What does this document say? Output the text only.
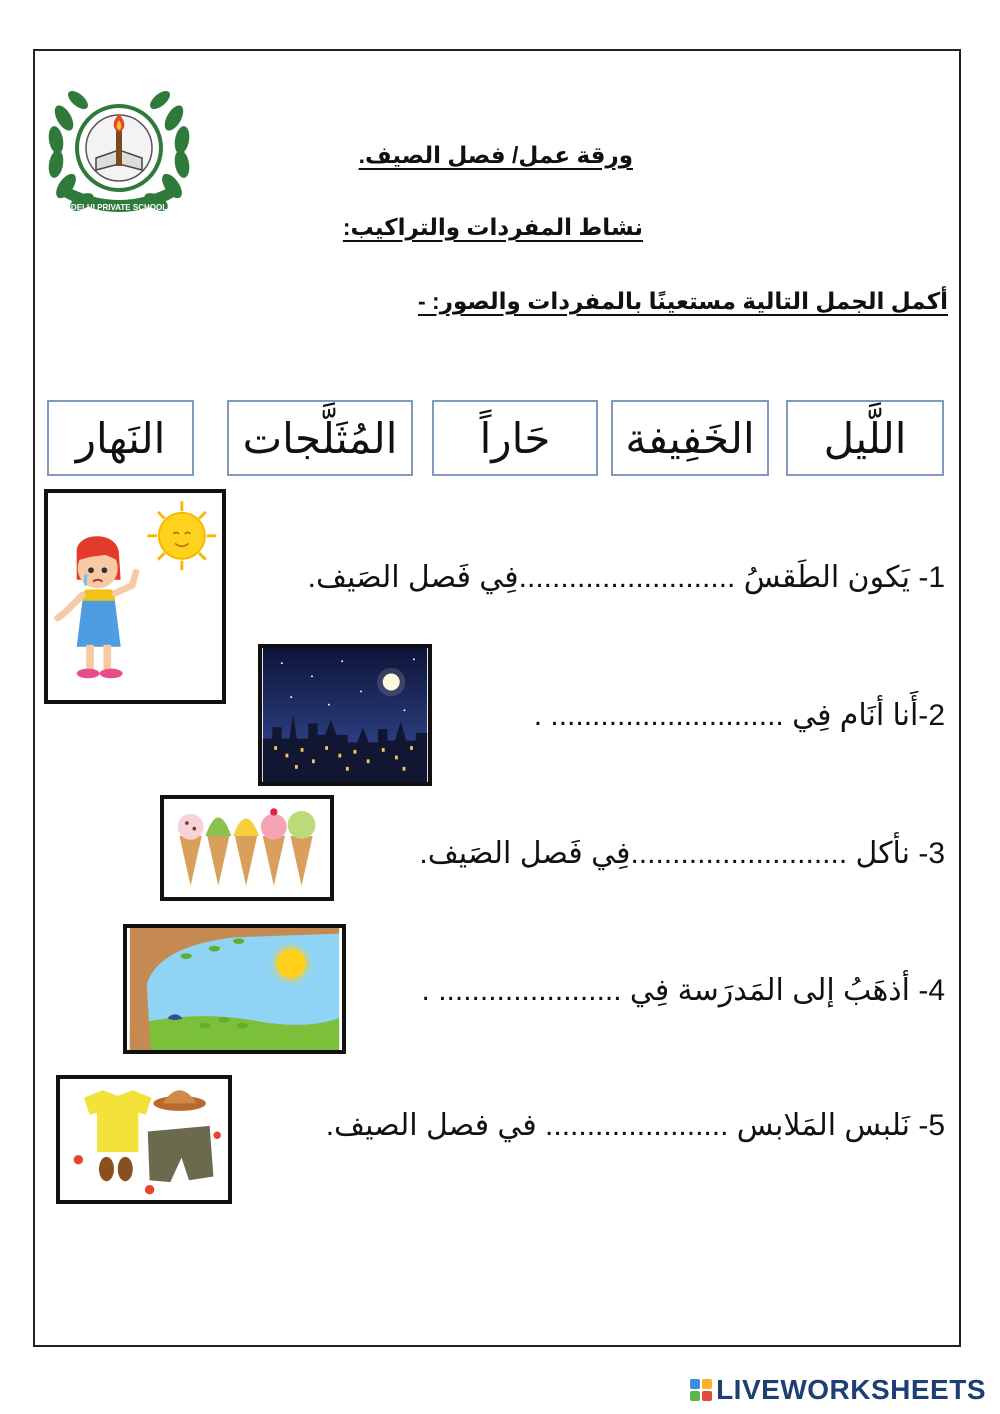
DELHI PRIVATE SCHOOL
ورقة عمل/ فصل الصيف.
نشاط المفردات والتراكيب:
أكمل الجمل التالية مستعينًا بالمفردات والصور: -
اللَّيل
الخَفِيفة
حَاراً
المُثَلَّجات
النَهار
1- يَكون الطَقسُ ..........................فِي فَصل الصَيف.
2-أَنا أنَام فِي ............................ .
3- نأكل ..........................فِي فَصل الصَيف.
4- أذهَبُ إلى المَدرَسة فِي ...................... .
5- نَلبس المَلابس ...................... في فصل الصيف.
LIVEWORKSHEETS
